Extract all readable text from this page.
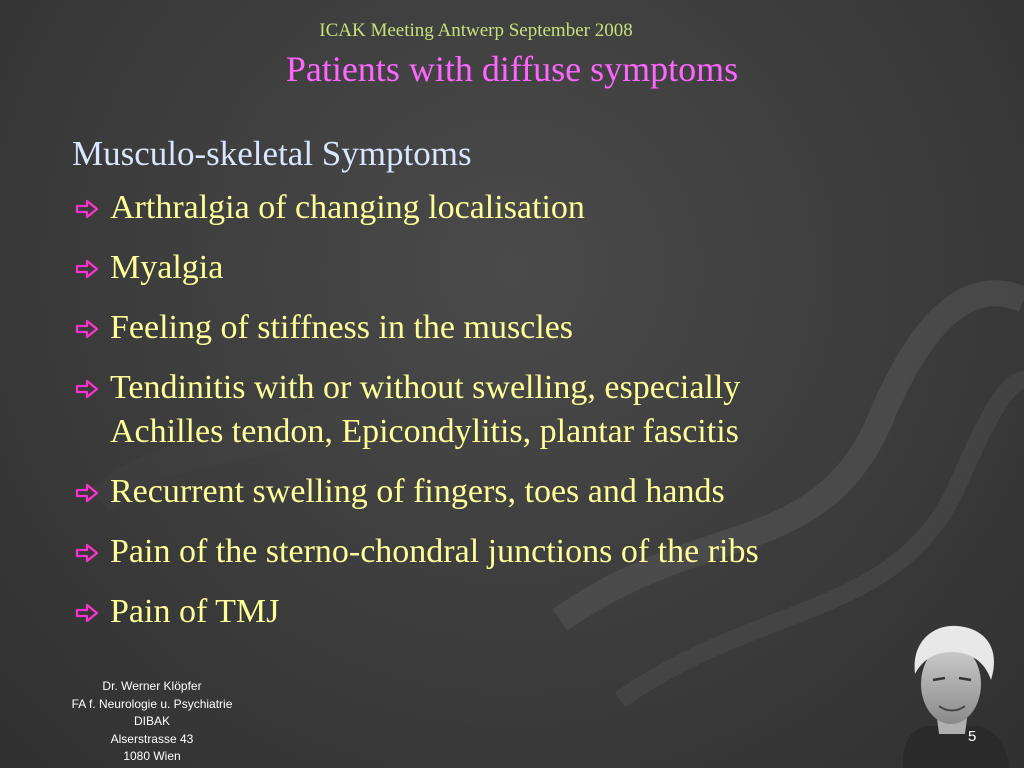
ICAK Meeting Antwerp September 2008
Patients with diffuse symptoms
Musculo-skeletal Symptoms
Arthralgia of changing localisation
Myalgia
Feeling of stiffness in the muscles
Tendinitis with or without swelling, especially
Achilles tendon, Epicondylitis, plantar fascitis
Recurrent swelling of fingers, toes and hands
Pain of the sterno-chondral junctions of the ribs
Pain of TMJ
Dr. Werner Klöpfer
FA f. Neurologie u. Psychiatrie
DIBAK
Alserstrasse 43
1080 Wien
5
